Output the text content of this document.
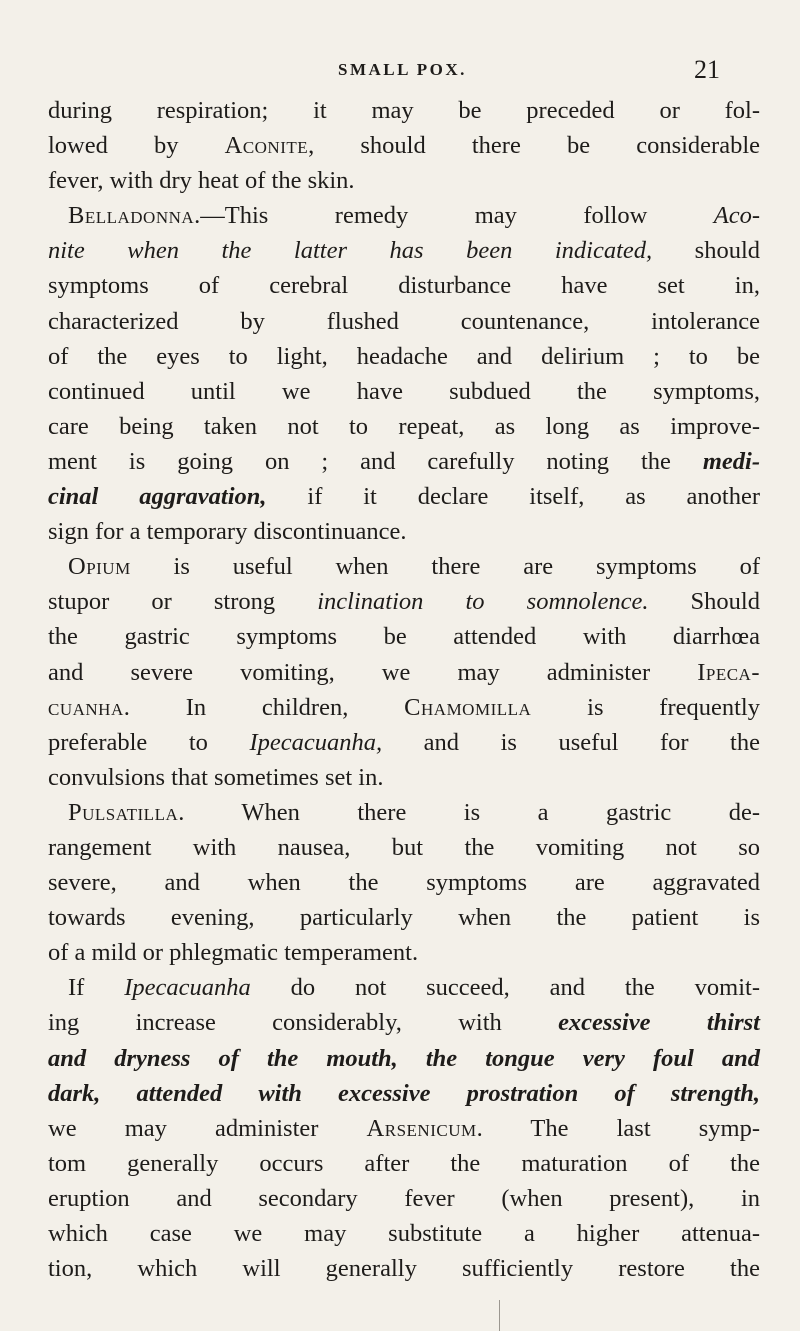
SMALL POX.	21
during respiration; it may be preceded or fol-
lowed by Aconite, should there be considerable
fever, with dry heat of the skin.
Belladonna.—This remedy may follow Aco-
nite when the latter has been indicated, should
symptoms of cerebral disturbance have set in,
characterized by flushed countenance, intolerance
of the eyes to light, headache and delirium ; to be
continued until we have subdued the symptoms,
care being taken not to repeat, as long as improve-
ment is going on ; and carefully noting the medi-
cinal aggravation, if it declare itself, as another
sign for a temporary discontinuance.
Opium is useful when there are symptoms of
stupor or strong inclination to somnolence. Should
the gastric symptoms be attended with diarrhœa
and severe vomiting, we may administer Ipeca-
cuanha. In children, Chamomilla is frequently
preferable to Ipecacuanha, and is useful for the
convulsions that sometimes set in.
Pulsatilla. When there is a gastric de-
rangement with nausea, but the vomiting not so
severe, and when the symptoms are aggravated
towards evening, particularly when the patient is
of a mild or phlegmatic temperament.
If Ipecacuanha do not succeed, and the vomit-
ing increase considerably, with excessive thirst
and dryness of the mouth, the tongue very foul and
dark, attended with excessive prostration of strength,
we may administer Arsenicum. The last symp-
tom generally occurs after the maturation of the
eruption and secondary fever (when present), in
which case we may substitute a higher attenua-
tion, which will generally sufficiently restore the
